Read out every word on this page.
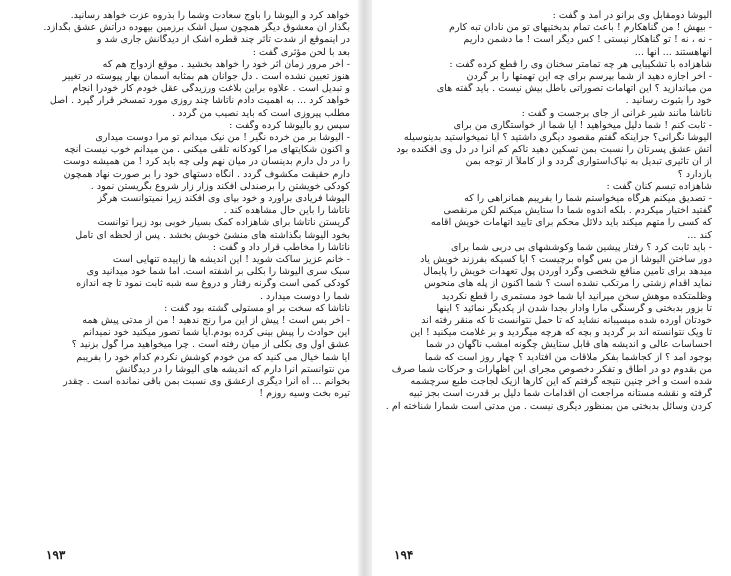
خواهد کرد و آلیوشا را باوج سعادت وشما را بذروه عزت خواهد رسانید.
بگذار آن معشوق دیگر همچون سیل اشک برزمین بیهوده درآتش عشق بگدازد.
در اینموقع از شدت تأثر چند قطره اشک از دیدگانش جاری شد و
بعد با لحن مؤثری گفت :
- آخر مرور زمان اثر خود را خواهد بخشید . موقع ازدواج هم که
هنوز تعیین نشده است . دل جوانان هم بمثابه آسمان بهار پیوسته در تغییر
و تبدیل است . علاوه براین بلاغت ورزیدگی عقل خودم کار خودرا انجام
خواهد کرد ... به اهمیت دادم ناتاشا چند روزی مورد تمسخر قرار گیرد . اصل
مطلب پیروزی است که باید نصیب من گردد .
سپس رو بآلیوشا کرده وگفت :
- آلیوشا بر من خرده نگیر ! من نیک میدانم تو مرا دوست میداری
و اکنون شکایتهای مرا کودکانه تلقی میکنی . من میدانم خوب نیست آنچه
را در دل دارم بدینسان در میان نهم ولی چه باید کرد ! من همیشه دوست
دارم حقیقت مکشوف گردد . آنگاه دستهای خود را بر صورت نهاد همچون
کودکی خویشتن را برصندلی افکند وزار زار شروع بگریستن نمود .
آلیوشا فریادی برآورد و خود بپای وی افکند زیرا نمیتوانست هرگز
ناتاشا را باین حال مشاهده کند .
گریستن ناتاشا برای شاهزاده کمک بسیار خوبی بود زیرا توانست
بخود آلیوشا بگذاشته های منشئ خوبش بخشد . پس از لحظه ای تامل
ناتاشا را مخاطب قرار داد و گفت :
- خانم عزیز ساکت شوید ! این اندیشه ها زاییده تنهایی است
سبک سری آلیوشا را بکلی بر آشفته است. اما شما خود میدانید وی
کودکی کمی است وگرنه رفتار و دروغ سه شبه ثابت نمود تا چه اندازه
شما را دوست میدارد .
ناتاشا که سخت بر او مستولی گشته بود گفت :
- آخر بس است ! پیش از این مرا رنج ندهید ! من از مدتی پیش همه
این حوادث را پیش بینی کرده بودم.آیا شما تصور میکنید خود نمیدانم
عشق اول وی بکلی از میان رفته است . چرا میخواهید مرا گول بزنید ؟
آیا شما خیال می کنید که من خودم کوشش نکردم کدام خود را بفریبم
من نتوانستم آنرا دارم که اندیشه های آلیوشا را در دیدگانش
بخوانم ... آه آنرا دیگری ازعشق وی نسبت بمن باقی نمانده است . چقدر
تیره بخت وسیه روزم !
۱۹۳
آلیوشا دومقابل وی برانو در آمد و گفت :
- بیهش ! من گناهکارم ! باعث تمام بدبختیهای تو من نادان تبه کارم
- نه ، نه ! تو گناهکار نیستی ! کس دیگر است ! ما دشمن داریم
آنهاهستند ... آنها ...
شاهزاده با تشکیبایی هر چه تمامتر سخنان وی را قطع کرده گفت :
- آخر اجازه دهید از شما بپرسم برای چه این تهمتها را بر گردن
من میاندازید ؟ این اتهامات تصوراتی باطل بیش نیست . باید گفته های
خود را بثبوت رسانید .
ناتاشا مانند شیر غرانی از جای برجست و گفت :
- ثابت کنم ! شما دلیل میخواهید ! آیا شما از خواستگاری من برای
آلیوشا نگرانی؟ جزاینکه گفتم مقصود دیگری داشتید ؟ آیا نمیخواستید بدینوسیله
آتش عشق پسرتان را نسبت بمن تسکین دهید تاکم کم آنرا در دل وی افکنده بود
از آن تاثیری تبدیل به نپاک‌استواری گردد و از کاملاً از توجه بمن
بازدارد ؟
شاهزاده تبسم کنان گفت :
- تصدیق میکنم هرگاه میخواستم شما را بفریبم همانراهی را که
گفتید اختیار میکردم . بلکه اندوه شما دا ستایش میکنم لکن مرنقصی
که کسی را متهم میکند باید دلائل محکم برای تایید اتهامات خویش اقامه
کند ...
- باید ثابت کرد ؟ رفتار پیشین شما وکوششهای بی دربی شما برای
دور ساختن آلیوشا از من بس گواه برچیست ؟ آیا کسیکه بفرزند خویش یاد
میدهد برای تأمین منافع شخصی وگرد آوردن پول تعهدات خویش را پایمال
نماید اقدام زشتی را مرتکب نشده است ؟ شما اکنون از پله های منحوس
وظلمتکده موهش سخن میرانید آیا شما خود مستمری را قطع نکردید
تا بزور بدبختی و گرسنگی مارا وادار بجدا شدن از یکدیگر نمائید ؟ اینها
خودتان آورده شده میسیبانه نشاید که تا حمل نتوانست تا که منقر رفته اند
تا ویک نتوانسته اند بر گردید و بچه که هرچه میگردید و بر غلامت میکنید ! این
احساسات عالی و اندیشه های قابل ستایش چگونه امشب ناگهان در شما
بوجود آمد ؟ از کجاشما بفکر ملاقات من افتادید ؟ چهار روز است که شما
من بقدوم دو در اطاق و تفکر دخصوص مجرای این اظهارات و حرکات شما صرف
شده است و آخر چنین نتیجه گرفتم که این کارها ازیک لجاجت طبع سرچشمه
گرفته و نقشه مستانه مراجعت آن اقدامات شما دلیل بر قدرت است بجز تبیه
کردن وسائل بدبختی من بمنظور دیگری نیست . من مدتی است شمارا شناخته ام .
۱۹۴
